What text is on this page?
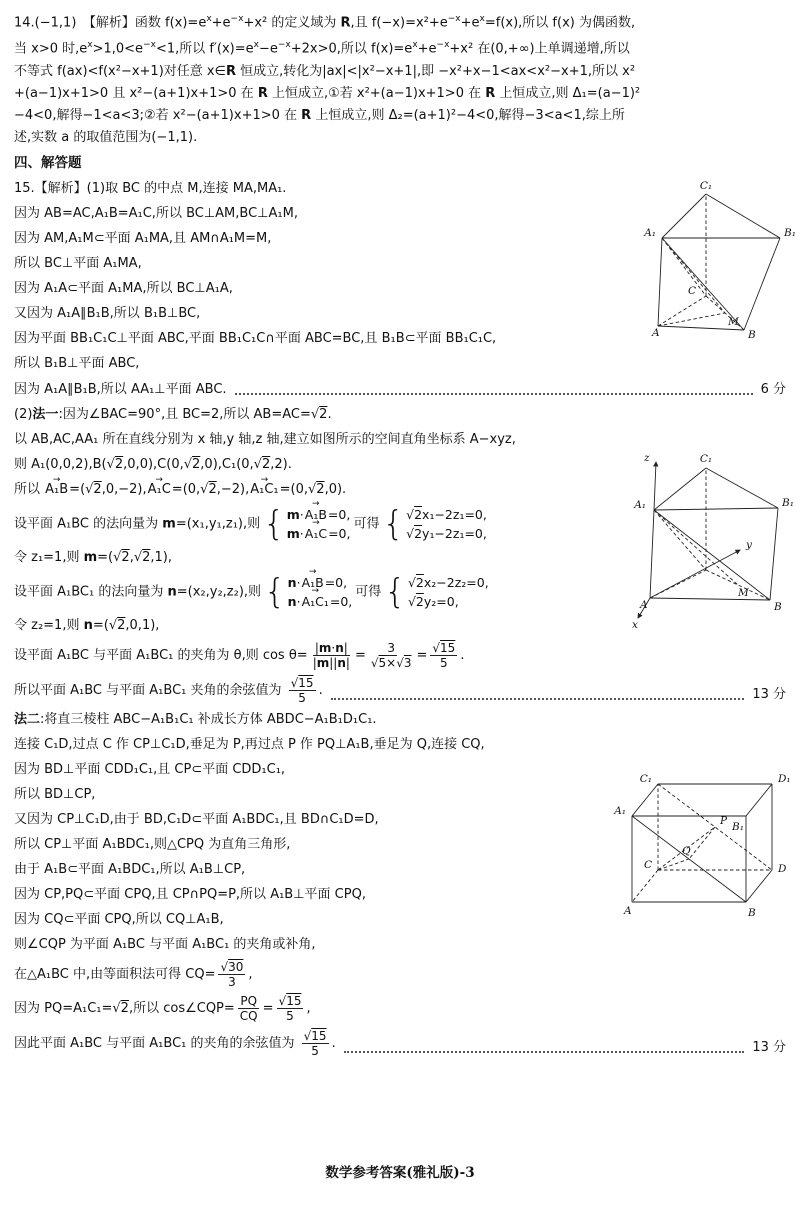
14.(−1,1)　【解析】函数 $f(x)=e^x+e^{-x}+x^2$ 的定义域为 R,且 $f(-x)=x^2+e^{-x}+e^x=f(x)$,所以 f(x) 为偶函数,
当 x>0 时$,e^x>1,0<e^{-x}<1$,所以 $f'(x)=e^x-e^{-x}+2x>0$,所以 $f(x)=e^x+e^{-x}+x^2$ 在(0,+∞)上单调递增,所以
不等式 f(ax)<f(x²−x+1)对任意 x∈R 恒成立,转化为|ax|<|x²−x+1|,即 −x²+x−1<ax<x²−x+1,所以 x²
+(a−1)x+1>0 且 x²−(a+1)x+1>0 在 R 上恒成立,①若 x²+(a−1)x+1>0 在 R 上恒成立,则 Δ₁=(a−1)²
−4<0,解得−1<a<3;②若 x²−(a+1)x+1>0 在 R 上恒成立,则 Δ₂=(a+1)²−4<0,解得−3<a<1,综上所
述,实数 a 的取值范围为(−1,1).
四、解答题
15.【解析】(1)取 BC 的中点 M,连接 MA,MA₁.
因为 AB=AC,A₁B=A₁C,所以 BC⊥AM,BC⊥A₁M,
因为 AM,A₁M⊂平面 A₁MA,且 AM∩A₁M=M,
所以 BC⊥平面 A₁MA,
因为 A₁A⊂平面 A₁MA,所以 BC⊥A₁A,
又因为 A₁A∥B₁B,所以 B₁B⊥BC,
因为平面 BB₁C₁C⊥平面 ABC,平面 BB₁C₁C∩平面 ABC=BC,且 B₁B⊂平面 BB₁C₁C,
所以 B₁B⊥平面 ABC,
因为 A₁A∥B₁B,所以 AA₁⊥平面 ABC.	6 分
(2)法一:因为∠BAC=90°,且 BC=2,所以 AB=AC=√2.
以 AB,AC,AA₁ 所在直线分别为 x 轴,y 轴,z 轴,建立如图所示的空间直角坐标系 A−xyz,
则 A₁(0,0,2),B(√2,0,0),C(0,√2,0),C₁(0,√2,2).
所以 → A₁B=(√2,0,−2),→ A₁C=(0,√2,−2),→ A₁C₁=(0,√2,0).
设平面 A₁BC 的法向量为 m=(x₁,y₁,z₁),则
{ m·→ A₁B=0,
m·→ A₁C=0,
可得
{ √2x₁−2z₁=0,
√2y₁−2z₁=0,
令 z₁=1,则 m=(√2,√2,1),
设平面 A₁BC₁ 的法向量为 n=(x₂,y₂,z₂),则
{ n·→ A₁B=0,
n·→ A₁C₁=0,
可得
{ √2x₂−2z₂=0,
√2y₂=0,
令 z₂=1,则 n=(√2,0,1),
设平面 A₁BC 与平面 A₁BC₁ 的夹角为 θ,则 $\cos \theta= \frac{|m\cdot n|}{|m||n|} = \frac{3}{√5\times√3} = \frac{√15}{5}$ .
所以平面 A₁BC 与平面 A₁BC₁ 夹角的余弦值为 $\frac{√15}{5}$ .	13 分
法二:将直三棱柱 ABC−A₁B₁C₁ 补成长方体 ABDC−A₁B₁D₁C₁.
连接 C₁D,过点 C 作 CP⊥C₁D,垂足为 P,再过点 P 作 PQ⊥A₁B,垂足为 Q,连接 CQ,
因为 BD⊥平面 CDD₁C₁,且 CP⊂平面 CDD₁C₁,
所以 BD⊥CP,
又因为 CP⊥C₁D,由于 BD,C₁D⊂平面 A₁BDC₁,且 BD∩C₁D=D,
所以 CP⊥平面 A₁BDC₁,则△CPQ 为直角三角形,
由于 A₁B⊂平面 A₁BDC₁,所以 A₁B⊥CP,
因为 CP,PQ⊂平面 CPQ,且 CP∩PQ=P,所以 A₁B⊥平面 CPQ,
因为 CQ⊂平面 CPQ,所以 CQ⊥A₁B,
则∠CQP 为平面 A₁BC 与平面 A₁BC₁ 的夹角或补角,
在△A₁BC 中,由等面积法可得 $CQ= \frac{√30}{3}$ ,
因为 PQ=A₁C₁=√2,所以 cos∠CQP= $\frac{PQ}{CQ} = \frac{√15}{5}$ ,
因此平面 A₁BC 与平面 A₁BC₁ 的夹角的余弦值为 $\frac{√15}{5}$ .	13 分
C₁
A₁	B₁
C
A	B
M
z	C₁
A₁	B₁
y
M
A	B
x
C₁	D₁
A₁
B₁
P
Q
C	D
A	B
数学参考答案(雅礼版)-3
